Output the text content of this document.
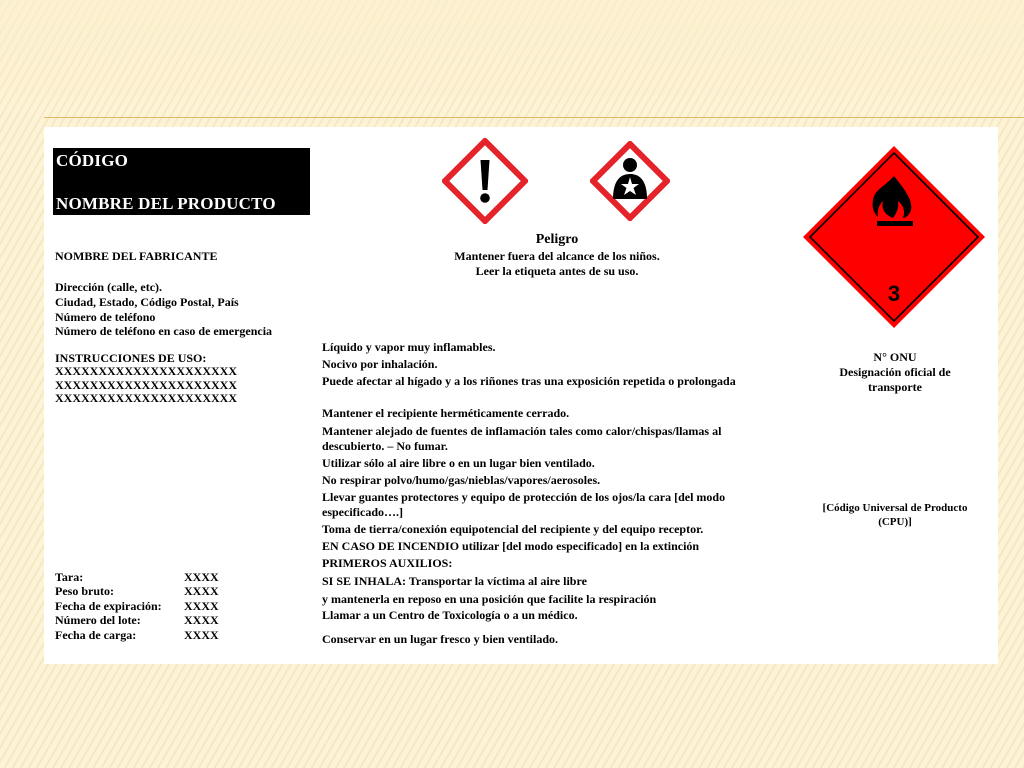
CÓDIGO
NOMBRE DEL PRODUCTO
NOMBRE DEL FABRICANTE
Dirección (calle, etc).
Ciudad, Estado, Código Postal, País
Número de teléfono
Número de teléfono en caso de emergencia
INSTRUCCIONES DE USO:
XXXXXXXXXXXXXXXXXXXXX
XXXXXXXXXXXXXXXXXXXXX
XXXXXXXXXXXXXXXXXXXXX
Tara:	XXXX
Peso bruto:	XXXX
Fecha de expiración: XXXX
Número del lote:	XXXX
Fecha de carga:	XXXX
3
Peligro
Mantener fuera del alcance de los niños.
Leer la etiqueta antes de su uso.
Líquido y vapor muy inflamables.
Nocivo por inhalación.
Puede afectar al hígado y a los riñones tras una exposición repetida o prolongada
Mantener el recipiente herméticamente cerrado.
Mantener alejado de fuentes de inflamación tales como calor/chispas/llamas al
descubierto. – No fumar.
Utilizar sólo al aire libre o en un lugar bien ventilado.
No respirar polvo/humo/gas/nieblas/vapores/aerosoles.
Llevar guantes protectores y equipo de protección de los ojos/la cara [del modo
especificado….]
Toma de tierra/conexión equipotencial del recipiente y del equipo receptor.
EN CASO DE INCENDIO utilizar [del modo especificado] en la extinción
PRIMEROS AUXILIOS:
SI SE INHALA: Transportar la víctima al aire libre
y mantenerla en reposo en una posición que facilite la respiración
Llamar a un Centro de Toxicología o a un médico.
Conservar en un lugar fresco y bien ventilado.
N° ONU
Designación oficial de
transporte
[Código Universal de Producto
(CPU)]
